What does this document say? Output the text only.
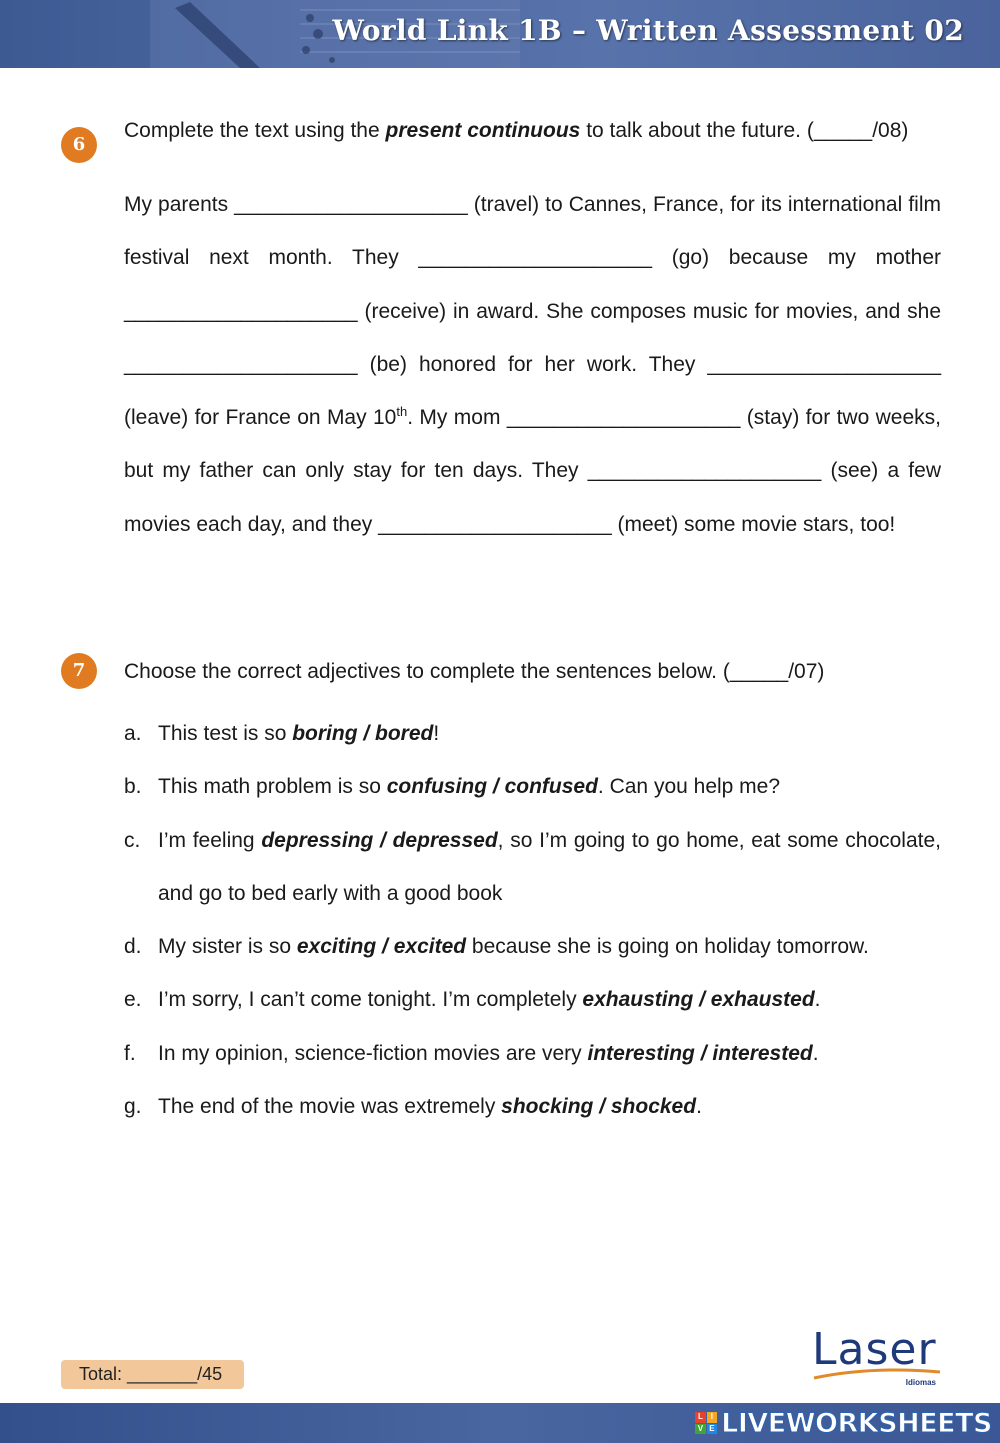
World Link 1B – Written Assessment 02
6
Complete the text using the present continuous to talk about the future. (_____/08)
My parents ____________________ (travel) to Cannes, France, for its international film festival next month. They ____________________ (go) because my mother ____________________ (receive) in award. She composes music for movies, and she ____________________ (be) honored for her work. They ____________________ (leave) for France on May 10th. My mom ____________________ (stay) for two weeks, but my father can only stay for ten days. They ____________________ (see) a few movies each day, and they ____________________ (meet) some movie stars, too!
7	Choose the correct adjectives to complete the sentences below. (_____/07)
a. This test is so boring / bored!
b. This math problem is so confusing / confused. Can you help me?
c. I’m feeling depressing / depressed, so I’m going to go home, eat some chocolate, and go to bed early with a good book
d. My sister is so exciting / excited because she is going on holiday tomorrow.
e. I’m sorry, I can’t come tonight. I’m completely exhausting / exhausted.
f. In my opinion, science-fiction movies are very interesting / interested.
g. The end of the movie was extremely shocking / shocked.
Total: _______/45	Laser
Idiomas
L I
V E LIVEWORKSHEETS
